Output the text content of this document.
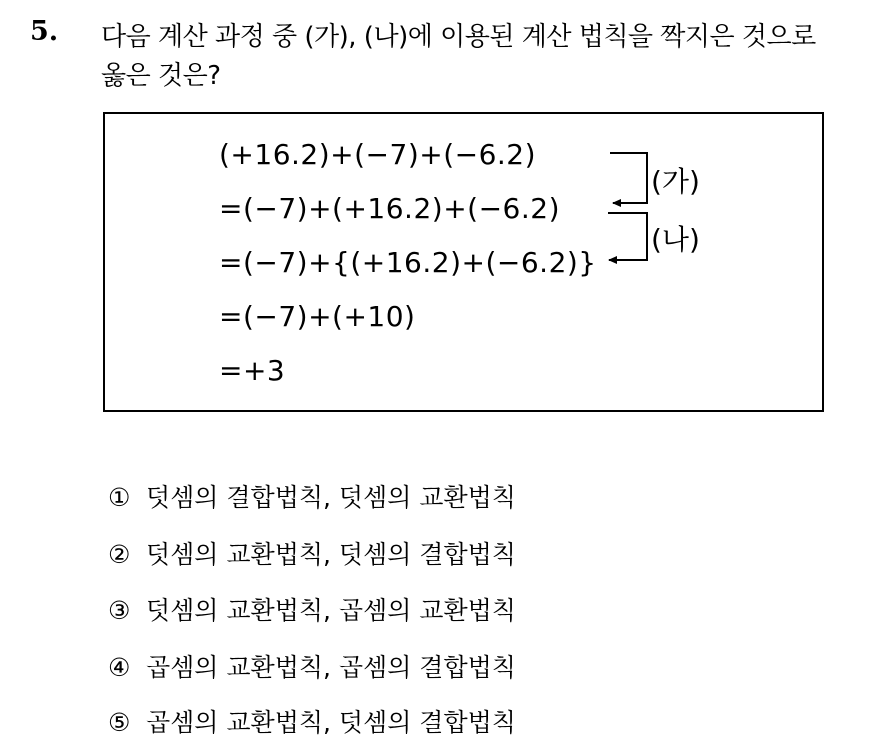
5. 다음 계산 과정 중 (가), (나)에 이용된 계산 법칙을 짝지은 것으로
옳은 것은?
(+16.2)+(−7)+(−6.2)
=(−7)+(+16.2)+(−6.2)
=(−7)+{(+16.2)+(−6.2)}
=(−7)+(+10)
=+3
(가)
(나)
① 덧셈의 결합법칙, 덧셈의 교환법칙
② 덧셈의 교환법칙, 덧셈의 결합법칙
③ 덧셈의 교환법칙, 곱셈의 교환법칙
④ 곱셈의 교환법칙, 곱셈의 결합법칙
⑤ 곱셈의 교환법칙, 덧셈의 결합법칙
